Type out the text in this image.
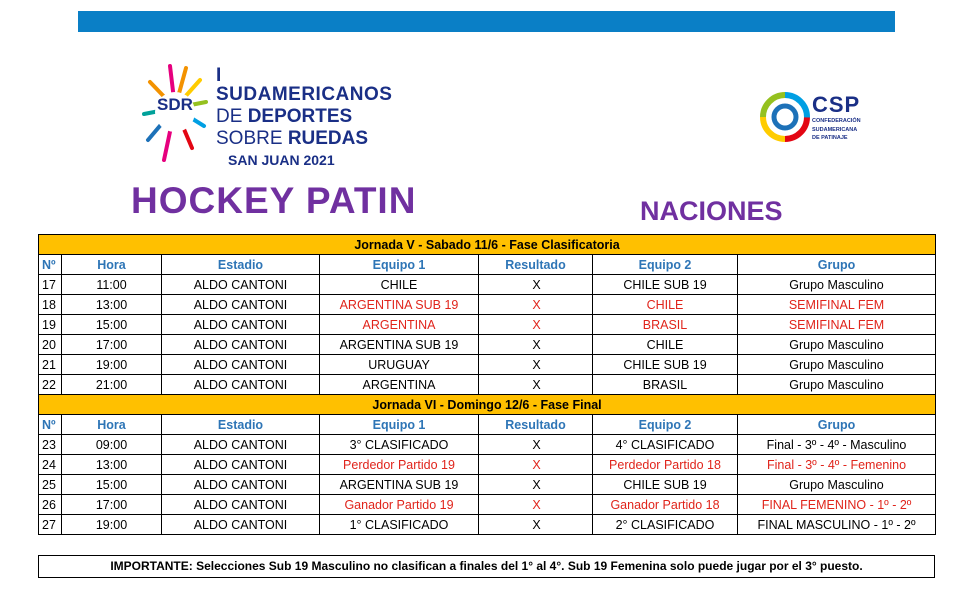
SDR
I SUDAMERICANOS
DE DEPORTES
SOBRE RUEDAS
SAN JUAN 2021
CSP
CONFEDERACIÓN
SUDAMERICANA
DE PATINAJE
HOCKEY PATIN	NACIONES
Jornada V - Sabado 11/6 - Fase Clasificatoria								
Nº	Hora	Estadio	Equipo 1	Resultado			Equipo 2	Grupo
17	11:00	ALDO CANTONI	CHILE		X		CHILE SUB 19	Grupo Masculino
18	13:00	ALDO CANTONI	ARGENTINA SUB 19		X		CHILE	SEMIFINAL FEM
19	15:00	ALDO CANTONI	ARGENTINA		X		BRASIL	SEMIFINAL FEM
20	17:00	ALDO CANTONI	ARGENTINA SUB 19		X		CHILE	Grupo Masculino
21	19:00	ALDO CANTONI	URUGUAY		X		CHILE SUB 19	Grupo Masculino
22	21:00	ALDO CANTONI	ARGENTINA		X		BRASIL	Grupo Masculino
Jornada VI - Domingo 12/6 - Fase Final								
Nº	Hora	Estadio	Equipo 1	Resultado			Equipo 2	Grupo
23	09:00	ALDO CANTONI	3° CLASIFICADO		X		4° CLASIFICADO	Final - 3º - 4º - Masculino
24	13:00	ALDO CANTONI	Perdedor Partido 19		X		Perdedor Partido 18	Final - 3º - 4º - Femenino
25	15:00	ALDO CANTONI	ARGENTINA SUB 19		X		CHILE SUB 19	Grupo Masculino
26	17:00	ALDO CANTONI	Ganador Partido 19		X		Ganador Partido 18	FINAL FEMENINO - 1º - 2º
27	19:00	ALDO CANTONI	1° CLASIFICADO		X		2° CLASIFICADO	FINAL MASCULINO - 1º - 2º
IMPORTANTE: Selecciones Sub 19 Masculino no clasifican a finales del 1° al 4°. Sub 19 Femenina solo puede jugar por el 3° puesto.
